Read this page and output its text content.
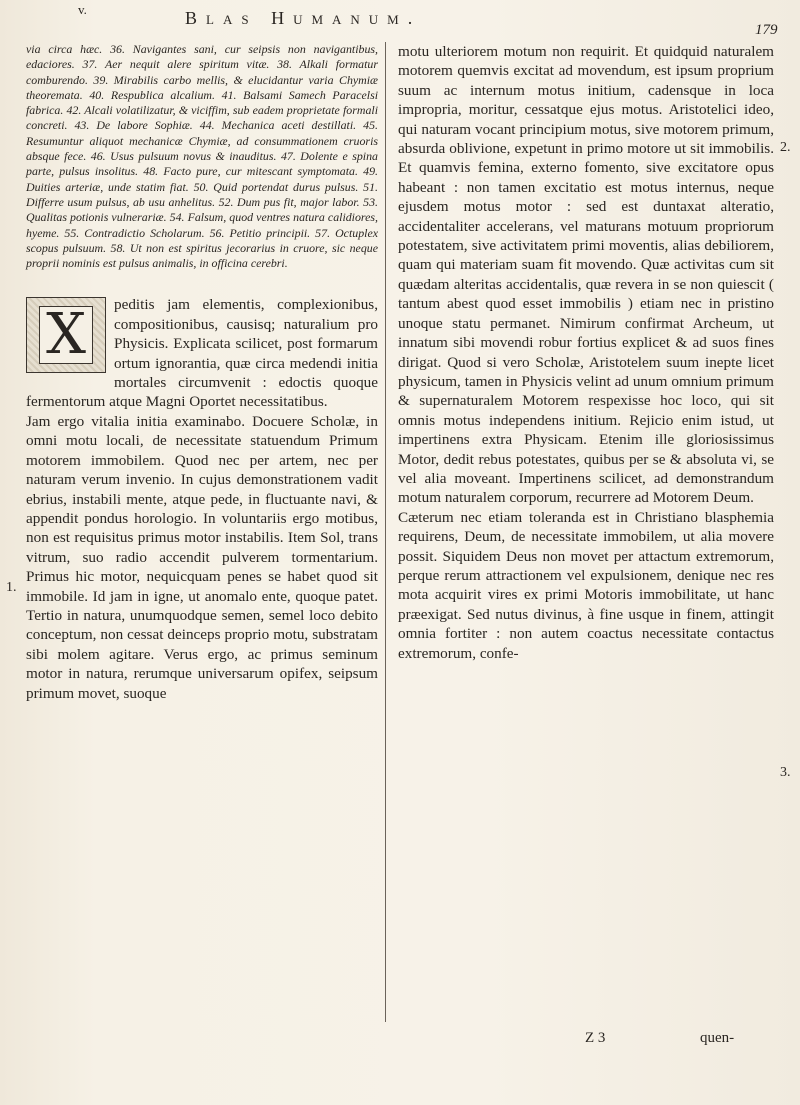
v.	Blas Humanum.
179

via circa hæc. 36. Navigantes sani, cur seipsis non navigantibus, edaciores. 37. Aer nequit alere spiritum vitæ. 38. Alkali formatur comburendo. 39. Mirabilis carbo mellis, & elucidantur varia Chymiæ theoremata. 40. Respublica alcalium. 41. Balsami Samech Paracelsi fabrica. 42. Alcali volatilizatur, & viciffim, sub eadem proprietate formali concreti. 43. De labore Sophiæ. 44. Mechanica aceti destillati. 45. Resumuntur aliquot mechanicæ Chymiæ, ad consummationem cruoris absque fece. 46. Usus pulsuum novus & inauditus. 47. Dolente e spina parte, pulsus insolitus. 48. Facto pure, cur mitescant symptomata. 49. Duities arteriæ, unde statim fiat. 50. Quid portendat durus pulsus. 51. Differre usum pulsus, ab usu anhelitus. 52. Dum pus fit, major labor. 53. Qualitas potionis vulnerariæ. 54. Falsum, quod ventres natura calidiores, hyeme. 55. Contradictio Scholarum. 56. Petitio principii. 57. Octuplex scopus pulsuum. 58. Ut non est spiritus jecorarius in cruore, sic neque proprii nominis est pulsus animalis, in officina cerebri.

X	peditis jam elementis, complexionibus, compositionibus, causisq; naturalium pro Physicis. Explicata scilicet, post formarum ortum ignorantia, quæ circa medendi initia mortales circumvenit : edoctis quoque fermentorum atque Magni Oportet necessitatibus.

Jam ergo vitalia initia examinabo. Docuere Scholæ, in omni motu locali, de necessitate statuendum Primum motorem immobilem. Quod nec per artem, nec per naturam verum invenio. In cujus demonstrationem vadit ebrius, instabili mente, atque pede, in fluctuante navi, & appendit pondus horologio. In voluntariis ergo motibus, non est requisitus primus motor instabilis. Item Sol, trans vitrum, suo radio accendit pulverem tormentarium. Primus hic motor, nequicquam penes se habet quod sit immobile. Id jam in igne, ut anomalo ente, quoque patet. Tertio in natura, unumquodque semen, semel loco debito conceptum, non cessat deinceps proprio motu, substratam sibi molem agitare. Verus ergo, ac primus seminum motor in natura, rerumque universarum opifex, seipsum primum movet, suoque

1.

motu ulteriorem motum non requirit. Et quidquid naturalem motorem quemvis excitat ad movendum, est ipsum proprium suum ac internum motus initium, cadensque in loca impropria, moritur, cessatque ejus motus. Aristotelici ideo, qui naturam vocant principium motus, sive motorem primum, absurda oblivione, expetunt in primo motore ut sit immobilis. Et quamvis femina, externo fomento, sive excitatore opus habeant : non tamen excitatio est motus internus, neque ejusdem motus motor : sed est duntaxat alteratio, accidentaliter accelerans, vel maturans motuum propriorum potestatem, sive activitatem primi moventis, alias debiliorem, quam qui materiam suam fit movendo. Quæ activitas cum sit quædam alteritas accidentalis, quæ revera in se non quiescit ( tantum abest quod esset immobilis ) etiam nec in pristino unoque statu permanet. Nimirum confirmat Archeum, ut innatum sibi movendi robur fortius explicet & ad suos fines dirigat. Quod si vero Scholæ, Aristotelem suum inepte licet physicum, tamen in Physicis velint ad unum omnium primum & supernaturalem Motorem respexisse hoc loco, qui sit omnis motus independens initium. Rejicio enim istud, ut impertinens extra Physicam. Etenim ille gloriosissimus Motor, dedit rebus potestates, quibus per se & absoluta vi, se vel alia moveant. Impertinens scilicet, ad demonstrandum motum naturalem corporum, recurrere ad Motorem Deum.

Cæterum nec etiam toleranda est in Christiano blasphemia requirens, Deum, de necessitate immobilem, ut alia movere possit. Siquidem Deus non movet per attactum extremorum, perque rerum attractionem vel expulsionem, denique nec res mota acquirit vires ex primi Motoris immobilitate, ut hanc præexigat. Sed nutus divinus, à fine usque in finem, attingit omnia fortiter : non autem coactus necessitate contactus extremorum, confe-

2.
3.
Z 3	quen-
